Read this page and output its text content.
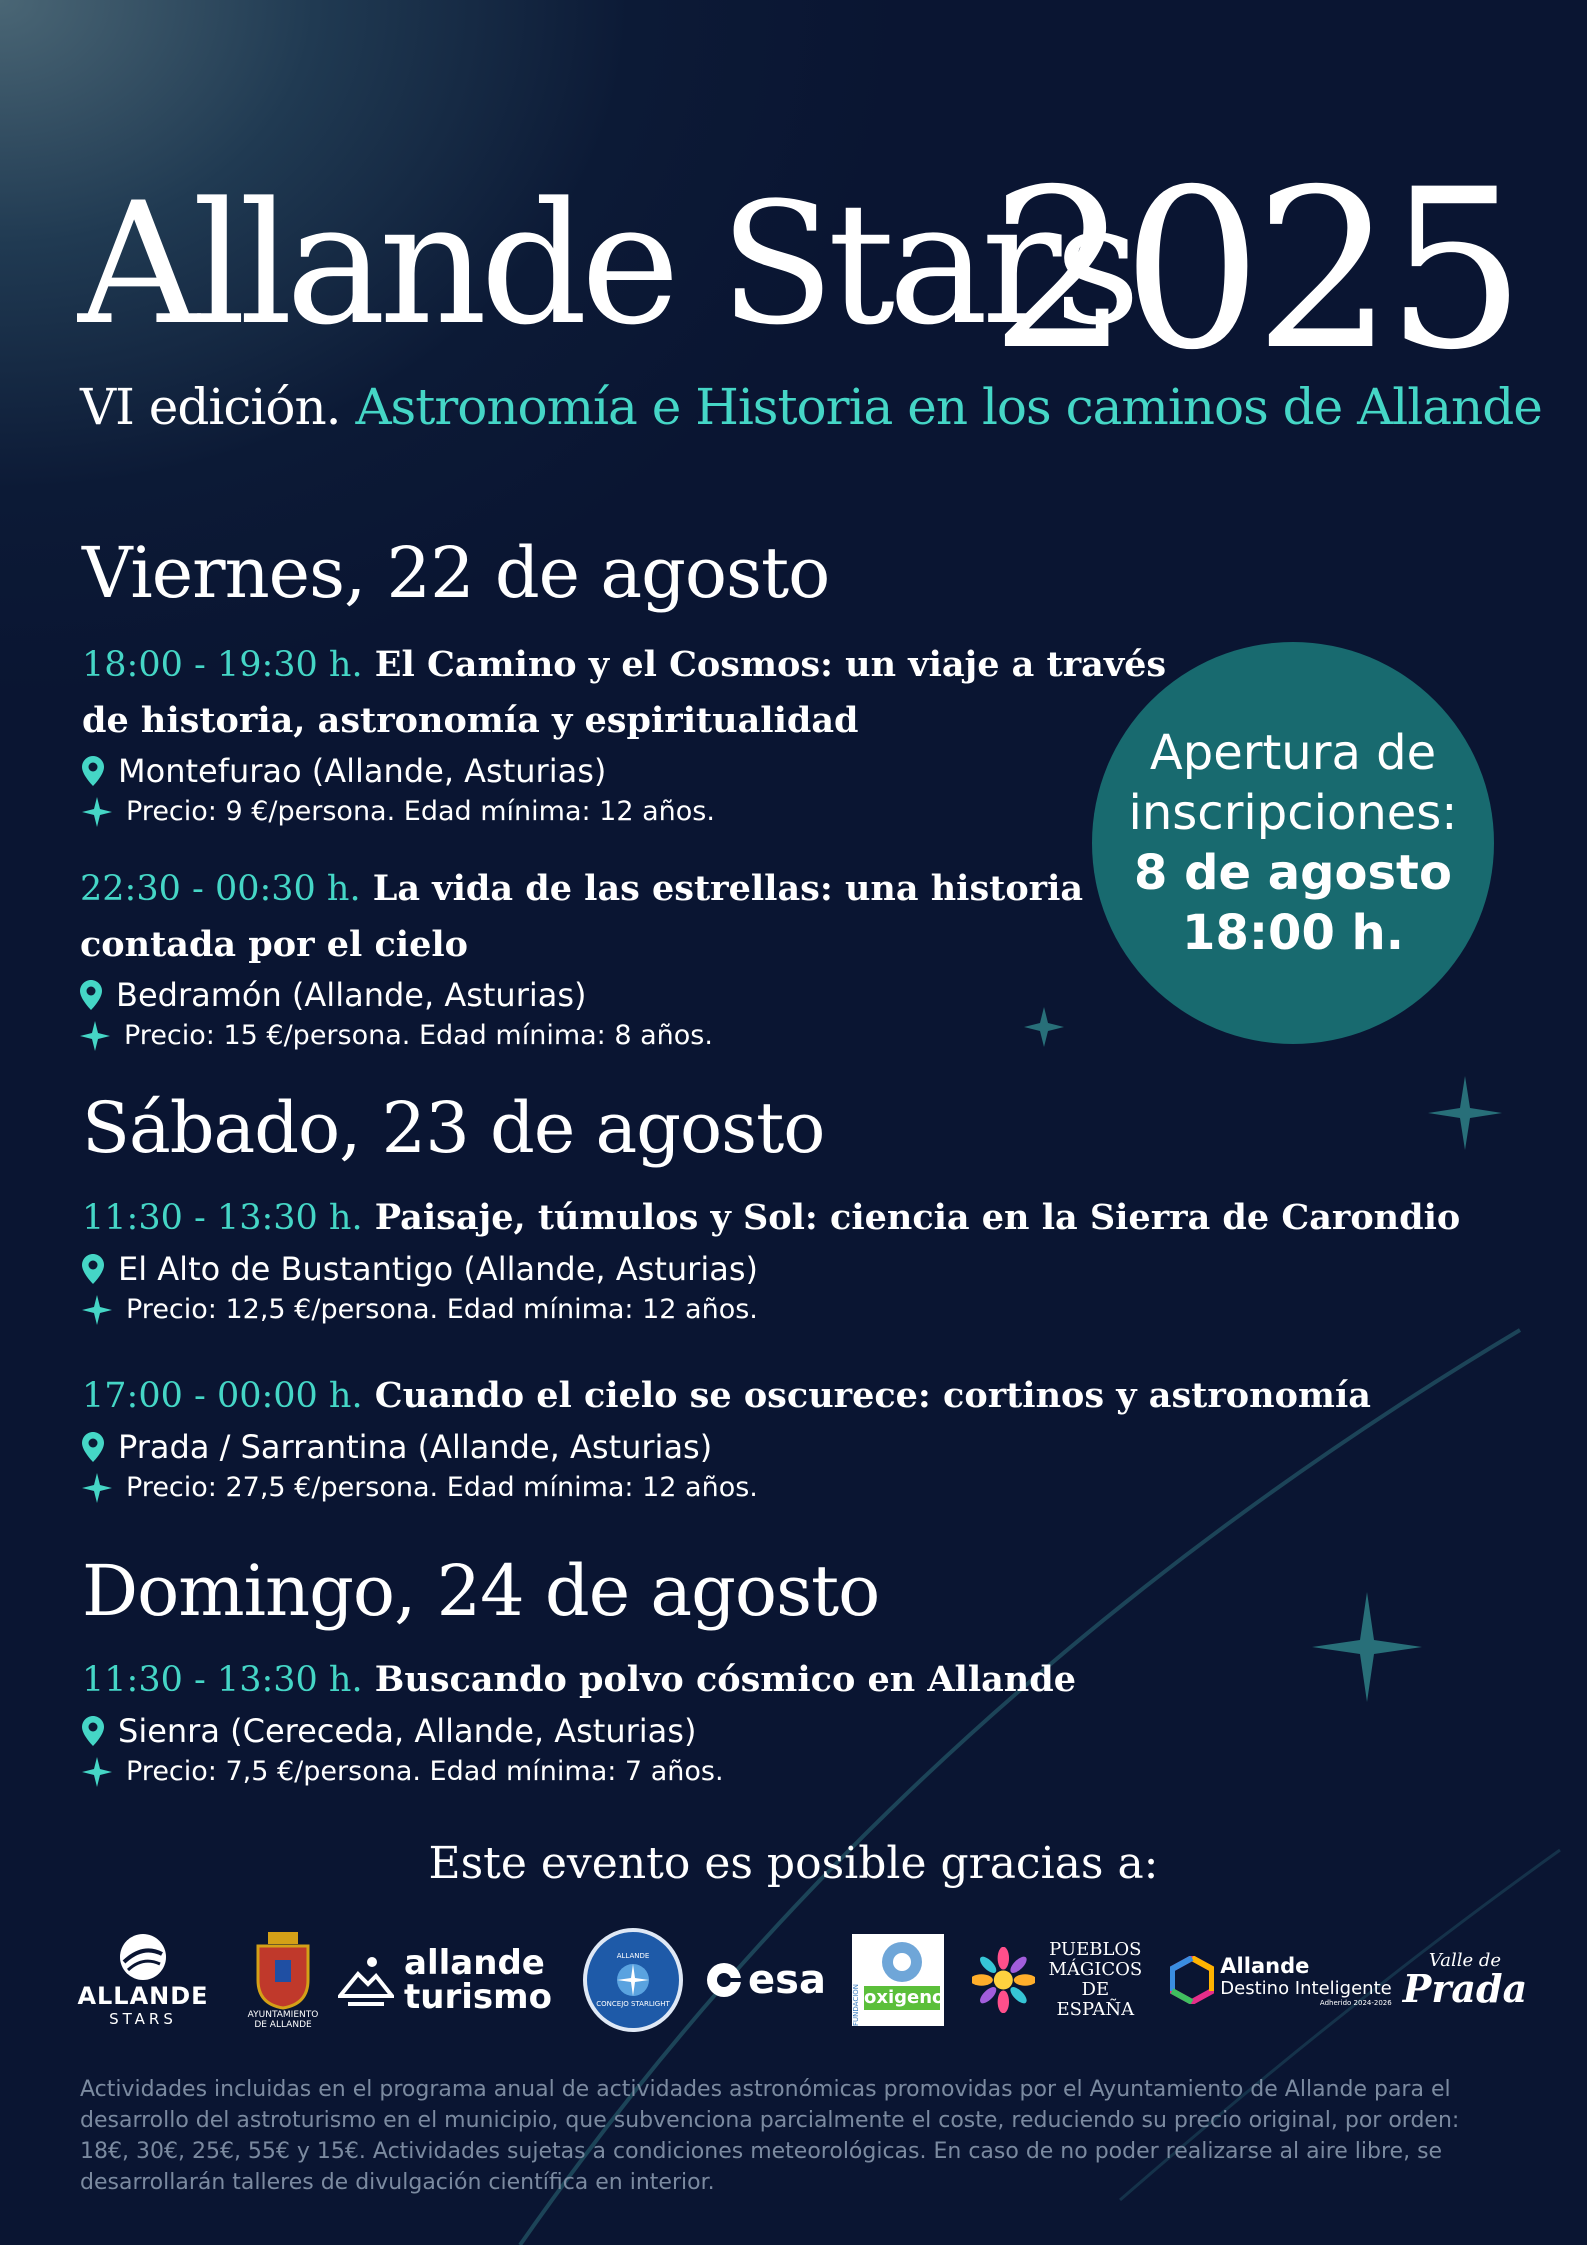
Allande Stars
2025
VI edición. Astronomía e Historia en los caminos de Allande
Viernes, 22 de agosto
18:00 - 19:30 h. El Camino y el Cosmos: un viaje a través
de historia, astronomía y espiritualidad
Montefurao (Allande, Asturias)
Precio: 9 €/persona. Edad mínima: 12 años.
22:30 - 00:30 h. La vida de las estrellas: una historia
contada por el cielo
Bedramón (Allande, Asturias)
Precio: 15 €/persona. Edad mínima: 8 años.
Apertura de
inscripciones:
8 de agosto
18:00 h.
Sábado, 23 de agosto
11:30 - 13:30 h. Paisaje, túmulos y Sol: ciencia en la Sierra de Carondio
El Alto de Bustantigo (Allande, Asturias)
Precio: 12,5 €/persona. Edad mínima: 12 años.
17:00 - 00:00 h. Cuando el cielo se oscurece: cortinos y astronomía
Prada / Sarrantina (Allande, Asturias)
Precio: 27,5 €/persona. Edad mínima: 12 años.
Domingo, 24 de agosto
11:30 - 13:30 h. Buscando polvo cósmico en Allande
Sienra (Cereceda, Allande, Asturias)
Precio: 7,5 €/persona. Edad mínima: 7 años.
Este evento es posible gracias a:
ALLANDE
STARS	AYUNTAMIENTO
DE ALLANDE
allande
turismo
ALLANDE
CONCEJO STARLIGHT
esa
FUNDACIÓN oxigeno
PUEBLOS
MÁGICOS
DE ESPAÑA
Allande
Destino Inteligente
Adherido 2024-2026
Valle de
Prada
Actividades incluidas en el programa anual de actividades astronómicas promovidas por el Ayuntamiento de Allande para el desarrollo del astroturismo en el municipio, que subvenciona parcialmente el coste, reduciendo su precio original, por orden: 18€, 30€, 25€, 55€ y 15€. Actividades sujetas a condiciones meteorológicas. En caso de no poder realizarse al aire libre, se desarrollarán talleres de divulgación científica en interior.
